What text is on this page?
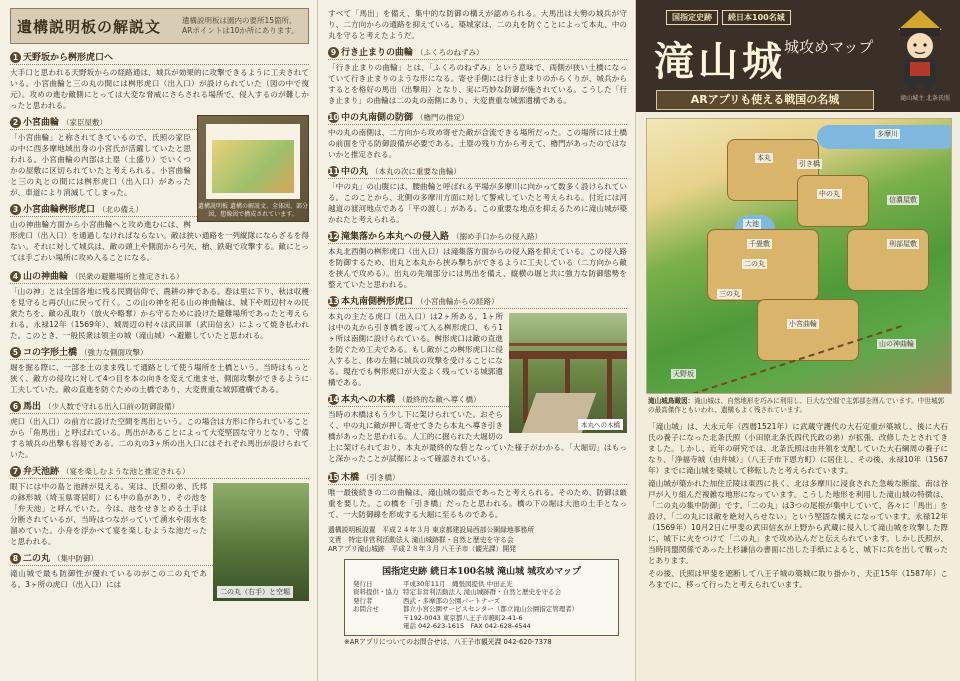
遺構説明板の解説文	遺構説明板は園内の要所15箇所、ARポイントは10か所にあります。
1 天野坂から桝形虎口へ

大手口と思われる天野坂からの経路通は、城兵が効果的に攻撃できるように工夫されている。小宮曲輪と三の丸の間には桝形虎口（出入口）が設けられていた（図の中で復元）。攻めの進む敵側にとっては大変な脅威にさらされる場所で、侵入するのが難しかったと思われる。

遺構説明板 遺構の解説文、全体図、部分図、想像図で構成されています。
2 小宮曲輪 （家臣屋敷）

「小宮曲輪」と称されてきているので、氏照の家臣の中に西多摩地域出身の小宮氏が活躍していたと思われる。小宮曲輪の内部は土塁（土盛り）でいくつかの屋敷に区切られていたと考えられる。小宮曲輪と三の丸との間には桝形虎口（出入口）があったが、車道により消滅してしまった。

3 小宮曲輪桝形虎口 （北の備え）

山の神曲輪方面から小宮曲輪へと攻め進むには、桝形虎口（出入口）を通過しなければならない。敵は狭い通路を一列縦隊にならざるを得ない。それに対して城兵は、敵の頭上や側面から弓矢、槍、鉄砲で攻撃する。敵にとっては手ごわい場所に攻め入ることになる。

4 山の神曲輪 （民衆の避難場所と推定される）

「山の神」とは全国各地に残る民間信仰で、農耕の神である。春は里に下り、秋は収穫を見守ると再び山に戻って行く。この山の神を祀る山の神曲輪は、城下や周辺村々の民衆たちを、敵の乱取り（放火や略奪）から守るために設けた避難場所であったと考えられる。永禄12年（1569年）、城周辺の村々は武田軍（武田信玄）によって焼き払われた。このとき、一般民衆は領主の城（滝山城）へ避難していたと思われる。

5 コの字形土橋 （強力な側面攻撃）

堀を掘る際に、一部を土のまま残して通路として使う場所を土橋という。当時はもっと狭く、敵方の侵攻に対して4つ目を本の向きを変えて進ませ、側面攻撃ができるように工夫していた。敵の直進を防ぐための土橋であり、大変貴重な城郭遺構である。

6 馬出 （少人数で守れる出入口前の防御設備）

虎口（出入口）の前方に設けた空間を馬出という。この場合は方形に作られていることから「角馬出」と呼ばれている。馬出があることによって大変堅固な守りとなり、守備する城兵の出撃も容易である。二の丸の3ヶ所の出入口にはそれぞれ馬出が設けられていた。

7 弁天池跡 （宴を楽しむような池と推定される）
二の丸（右手）と空堀

眼下には中の島と池跡が見える。実は、氏照の弟、氏邦の鉢形城（埼玉県寄居町）にも中の島があり、その池を「弁天池」と呼んでいた。今は、池をせきとめる土手は分断されているが、当時はつながっていて湧水や雨水を溜めていた。小舟を浮かべて宴を楽しむような池だったと思われる。

8 二の丸 （集中防御）

滝山城で最も防御性が優れているのがこの二の丸である。3ヶ所の虎口（出入口）には

すべて「馬出」を備え、集中的な防御の構えが認められる。大馬出は大勢の城兵が守り、二方向からの通路を抑えている。築城家は、二の丸を防ぐことによって本丸、中の丸を守ると考えたようだ。

9 行き止まりの曲輪 （ふくろのねずみ）

「行き止まりの曲輪」とは、「ふくろのねずみ」という意味で、両側が狭い土橋になっていて行き止まりのような形になる。寄せ手側には行き止まりのからくりが、城兵からするとを格好の馬出（出撃用）となり、実に巧妙な防御が施されている。こうした「行き止まり」の曲輪は二の丸の南側にあり、大変貴重な城郭遺構である。

10 中の丸南側の防御 （櫓門の推定）

中の丸の南側は、二方向から攻め寄せた敵が合流できる場所だった。この場所には土橋の前面を守る防御設備が必要である。土塁の残り方から考えて、櫓門があったのではないかと推定される。

11 中の丸 （本丸の次に重要な曲輪）

「中の丸」の山腹には、腰曲輪と呼ばれる平場が多摩川に向かって数多く設けられている。このことから、北側の多摩川方面に対して警戒していたと考えられる。付近には河越道の渡河地点である「平の渡し」がある。この重要な地点を抑えるために滝山城が築かれたと考えられる。

12 滝集落から本丸への侵入路 （搦め手口からの侵入路）

本丸北西側の桝形虎口（出入口）は滝集落方面からの侵入路を抑えている。この侵入路を防御するため、出丸と本丸から挟み撃ちができるように工夫している（二方向から敵を挟んで攻める）。出丸の先端部分には馬出を備え、縦横の堀と共に強力な防御態勢を整えていたと思われる。

13 本丸南側桝形虎口 （小宮曲輪からの経路）
本丸への木橋

本丸の主たる虎口（出入口）は2ヶ所ある。1ヶ所は中の丸から引き橋を渡って入る桝形虎口、もう1ヶ所は南側に設けられている。桝形虎口は敵の直進を防ぐため工夫である。もし敵がこの桝形虎口に侵入すると、体の左側に城兵の攻撃を受けることになる。現在でも桝形虎口が大変よく残っている城郭遺構である。

14 本丸への木橋 （最終的な敵へ導く橋）

当時の木橋はもう少し下に架けられていた。おそらく、中の丸に敵が押し寄せてきたら本丸へ導き引き橋があったと思われる。人工的に掘られた大堀切の上に架けられており、本丸が最終的な砦となっていた様子がわかる。「大堀切」はもっと深かったことが試掘によって確認されている。

15 木橋 （引き橋）

唯一最後続きの二の曲輪は、滝山城の弱点であったと考えられる。そのため、防御は厳重を要した。この橋を「引き橋」だったと思われる。橋の下の堀は大池の土手となって、一大防御線を形成する大堀に至るものである。

遺構説明板設置　平成２４年３月 東京都建設局西部公園緑地事務所
文責　特定非営利活動法人 滝山城跡群・自然と歴史を守る会
ARアプリ滝山城跡　平成２８年３月 八王子市（観光課）開発
国指定史跡 続日本100名城 滝山城 城攻めマップ
発行日	平成30年11月　縄張図提供 中田正光
資料提供・協力	特定非営利活動法人 滝山城跡群・自然と歴史を守る会
発行者	西武・多摩部の公園パートナーズ
お問合せ	都立小宮公園サービスセンター（都立滝山公園指定管理者）
	〒192-0043 東京都八王子市暁町2-41-6
	電話 042-623-1615　FAX 042-628-4544
※ARアプリについてのお問合せは、八王子市観光課 042-620-7378
国指定史跡	続日本100名城
滝山城
城攻めマップ
滝山城主 北条氏照
ARアプリも使える戦国の名城
本丸
中の丸
二の丸
千畳敷
三の丸
小宮曲輪
山の神曲輪
多摩川
引き橋
大池
信濃屋敷
刑部屋敷
天野坂
滝山城鳥瞰図：滝山城は、自然地形を巧みに利用し、巨大な空堀で主郭部を囲んでいます。中世城郭の最高傑作ともいわれ、遺構もよく残されています。

「滝山城」は、大永元年（西暦1521年）に武蔵守護代の大石定重が築城し、後に大石氏の養子になった北条氏照（小田原北条氏四代氏政の弟）が拡張、改修したとされてきました。しかし、近年の研究では、北条氏照は由井領を支配していた大石綱周の養子になり、「浄福寺城（由井城）」（八王子市下恩方町）に居住し、その後、永禄10年（1567年）までに滝山城を築城して移転したと考えられています。

滝山城が築かれた加住丘陵は東西に長く、北は多摩川に浸食された急峻な断崖、南は谷戸が入り組んだ複雑な地形になっています。こうした地形を利用した滝山城の特徴は、「二の丸の集中防御」です。「二の丸」は3つの尾根が集中していて、各々に「馬出」を設け、「二の丸には敵を絶対入らせない」という堅固な構えになっています。永禄12年（1569年）10月2日に甲斐の武田信玄が上野から武蔵に侵入して滝山城を攻撃した際に、城下に火をつけて「二の丸」まで攻め込んだと伝えられています。しかし氏照が、当時同盟関係であった上杉謙信の書面に出した手紙によると、城下に兵を出して戦ったとあります。

その後、氏照は甲斐を遮断して八王子城の築城に取り掛かり、天正15年（1587年）ころまでに、移って行ったと考えられています。
